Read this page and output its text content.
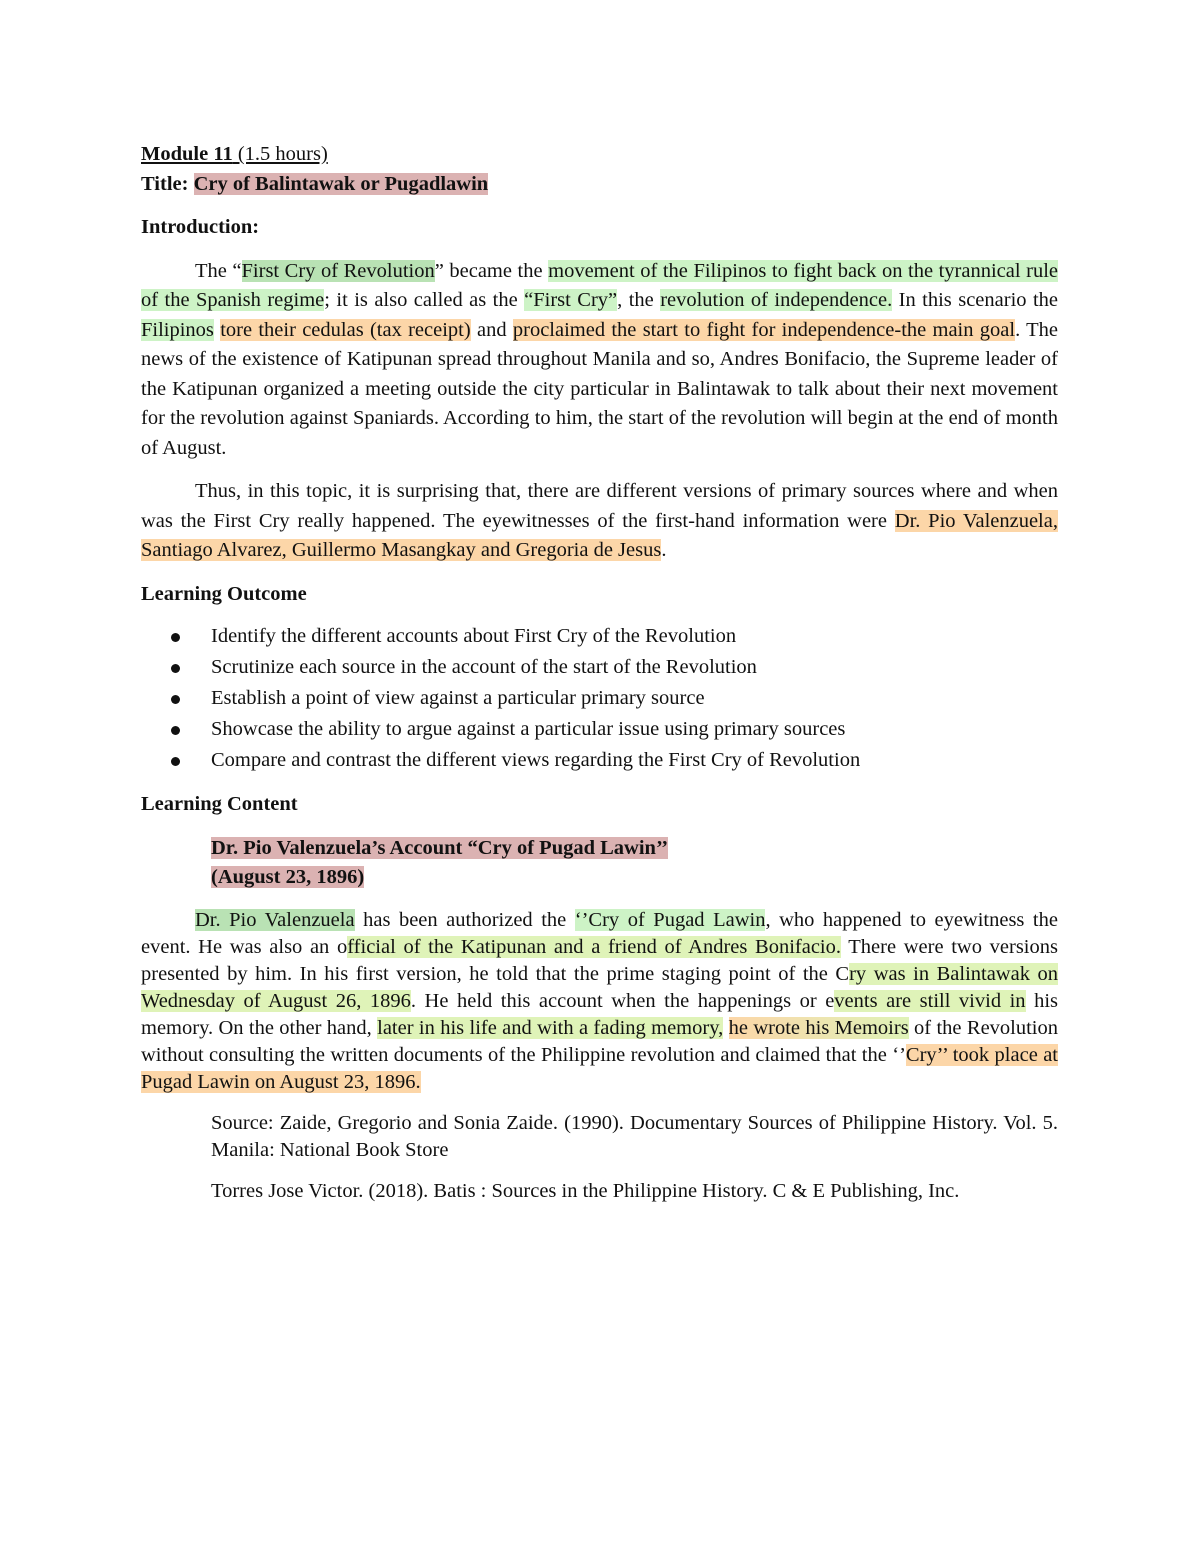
Module 11 (1.5 hours)
Title: Cry of Balintawak or Pugadlawin
Introduction:
The “First Cry of Revolution” became the movement of the Filipinos to fight back on the tyrannical rule of the Spanish regime; it is also called as the “First Cry”, the revolution of independence. In this scenario the Filipinos tore their cedulas (tax receipt) and proclaimed the start to fight for independence-the main goal. The news of the existence of Katipunan spread throughout Manila and so, Andres Bonifacio, the Supreme leader of the Katipunan organized a meeting outside the city particular in Balintawak to talk about their next movement for the revolution against Spaniards. According to him, the start of the revolution will begin at the end of month of August.
Thus, in this topic, it is surprising that, there are different versions of primary sources where and when was the First Cry really happened. The eyewitnesses of the first-hand information were Dr. Pio Valenzuela, Santiago Alvarez, Guillermo Masangkay and Gregoria de Jesus.
Learning Outcome
Identify the different accounts about First Cry of the Revolution
Scrutinize each source in the account of the start of the Revolution
Establish a point of view against a particular primary source
Showcase the ability to argue against a particular issue using primary sources
Compare and contrast the different views regarding the First Cry of Revolution
Learning Content
Dr. Pio Valenzuela’s Account “Cry of Pugad Lawin’’
(August 23, 1896)
Dr. Pio Valenzuela has been authorized the ‘’Cry of Pugad Lawin, who happened to eyewitness the event. He was also an official of the Katipunan and a friend of Andres Bonifacio. There were two versions presented by him. In his first version, he told that the prime staging point of the Cry was in Balintawak on Wednesday of August 26, 1896. He held this account when the happenings or events are still vivid in his memory. On the other hand, later in his life and with a fading memory, he wrote his Memoirs of the Revolution without consulting the written documents of the Philippine revolution and claimed that the ‘’Cry’’ took place at Pugad Lawin on August 23, 1896.
Source: Zaide, Gregorio and Sonia Zaide. (1990). Documentary Sources of Philippine History. Vol. 5. Manila: National Book Store
Torres Jose Victor. (2018). Batis : Sources in the Philippine History. C & E Publishing, Inc.
